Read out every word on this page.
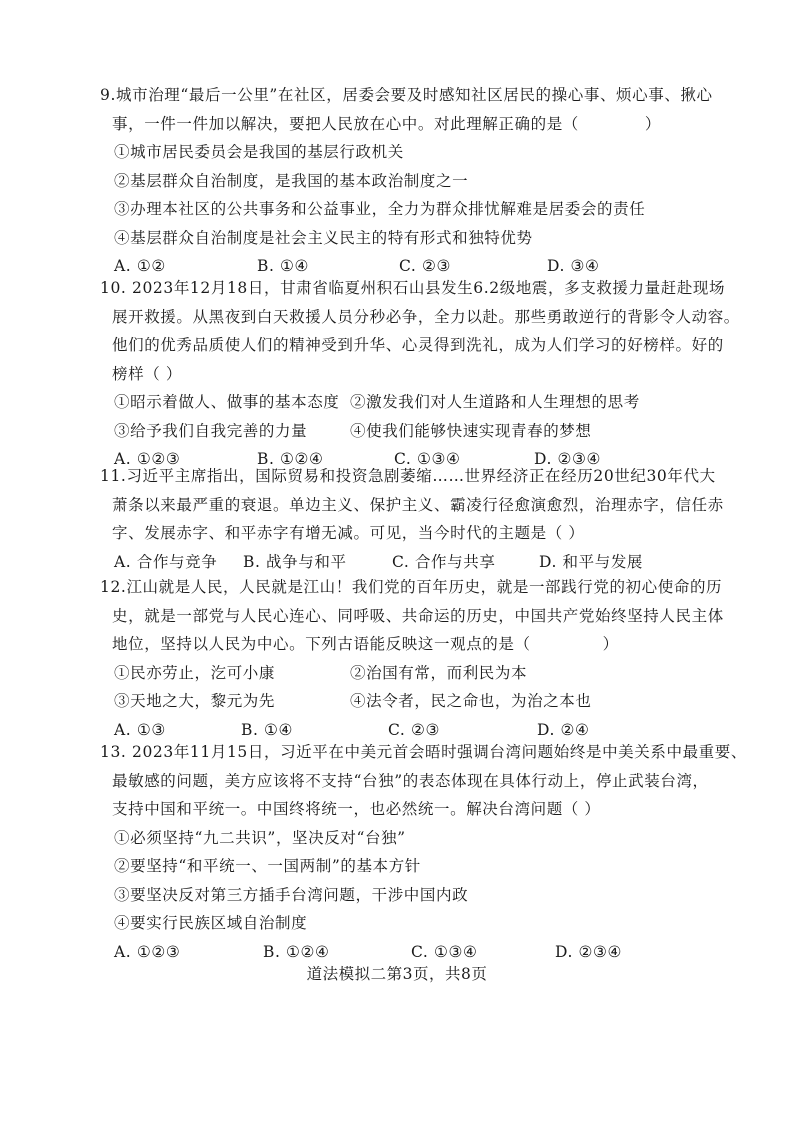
9.城市治理“最后一公里”在社区，居委会要及时感知社区居民的操心事、烦心事、揪心
事，一件一件加以解决，要把人民放在心中。对此理解正确的是（	）
①城市居民委员会是我国的基层行政机关
②基层群众自治制度，是我国的基本政治制度之一
③办理本社区的公共事务和公益事业，全力为群众排忧解难是居委会的责任
④基层群众自治制度是社会主义民主的特有形式和独特优势
A. ①②	B. ①④	C. ②③	D. ③④
10. 2023年12月18日，甘肃省临夏州积石山县发生6.2级地震，多支救援力量赶赴现场
展开救援。从黑夜到白天救援人员分秒必争，全力以赴。那些勇敢逆行的背影令人动容。
他们的优秀品质使人们的精神受到升华、心灵得到洗礼，成为人们学习的好榜样。好的
榜样（ ）
①昭示着做人、做事的基本态度 ②激发我们对人生道路和人生理想的思考
③给予我们自我完善的力量	④使我们能够快速实现青春的梦想
A. ①②③	B. ①②④	C. ①③④	D. ②③④
11.习近平主席指出，国际贸易和投资急剧萎缩……世界经济正在经历20世纪30年代大
萧条以来最严重的衰退。单边主义、保护主义、霸凌行径愈演愈烈，治理赤字，信任赤
字、发展赤字、和平赤字有增无减。可见，当今时代的主题是（ ）
A. 合作与竞争	B. 战争与和平	C. 合作与共享	D. 和平与发展
12.江山就是人民，人民就是江山！我们党的百年历史，就是一部践行党的初心使命的历
史，就是一部党与人民心连心、同呼吸、共命运的历史，中国共产党始终坚持人民主体
地位，坚持以人民为中心。下列古语能反映这一观点的是（	）
①民亦劳止，汔可小康	②治国有常，而利民为本
③天地之大，黎元为先	④法令者，民之命也，为治之本也
A. ①③	B. ①④	C. ②③	D. ②④
13. 2023年11月15日，习近平在中美元首会晤时强调台湾问题始终是中美关系中最重要、
最敏感的问题，美方应该将不支持“台独”的表态体现在具体行动上，停止武装台湾，
支持中国和平统一。中国终将统一，也必然统一。解决台湾问题（ ）
①必须坚持“九二共识”，坚决反对“台独”
②要坚持“和平统一、一国两制”的基本方针
③要坚决反对第三方插手台湾问题，干涉中国内政
④要实行民族区域自治制度
A. ①②③	B. ①②④	C. ①③④	D. ②③④
道法模拟二第3页，共8页
